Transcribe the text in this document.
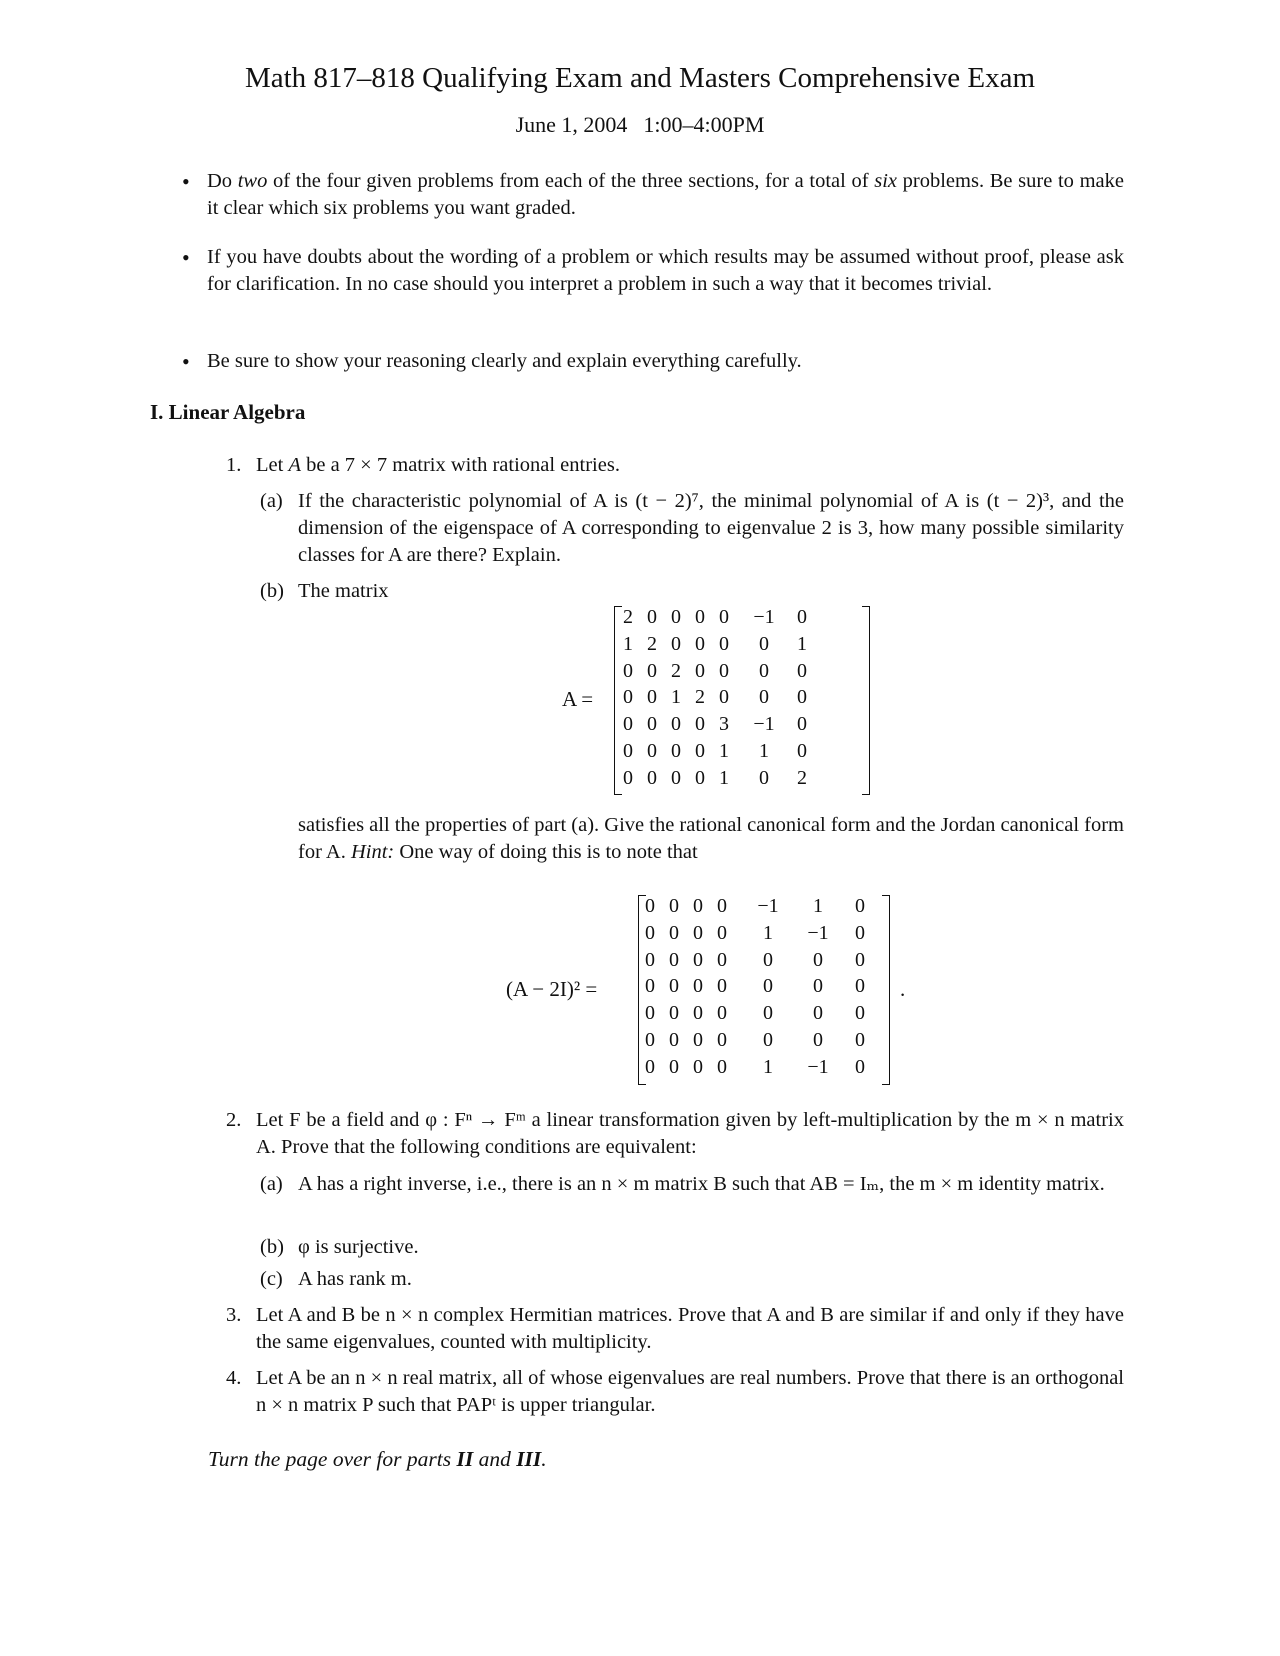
Math 817–818 Qualifying Exam and Masters Comprehensive Exam
June 1, 2004 1:00–4:00PM
• Do two of the four given problems from each of the three sections, for a total of six problems. Be sure to make it clear which six problems you want graded.
• If you have doubts about the wording of a problem or which results may be assumed without proof, please ask for clarification. In no case should you interpret a problem in such a way that it becomes trivial.
• Be sure to show your reasoning clearly and explain everything carefully.
I. Linear Algebra
1. Let A be a 7 × 7 matrix with rational entries.
(a) If the characteristic polynomial of A is (t − 2)⁷, the minimal polynomial of A is (t − 2)³, and the dimension of the eigenspace of A corresponding to eigenvalue 2 is 3, how many possible similarity classes for A are there? Explain.
(b) The matrix
A =
2 0 0 0 0	−1	0
1 2 0 0 0	0	1
0 0 2 0 0	0	0
0 0 1 2 0	0	0
0 0 0 0 3	−1	0
0 0 0 0 1	1	0
0 0 0 0 1	0	2
satisfies all the properties of part (a). Give the rational canonical form and the Jordan canonical form for A. Hint: One way of doing this is to note that
(A − 2I)² =
0 0 0 0	−1	1	0
0 0 0 0	1	−1	0
0 0 0 0	0	0	0
0 0 0 0	0	0	0
0 0 0 0	0	0	0
0 0 0 0	0	0	0
0 0 0 0	1	−1	0
.
2. Let F be a field and φ : Fⁿ → Fᵐ a linear transformation given by left-multiplication by the m × n matrix A. Prove that the following conditions are equivalent:
(a) A has a right inverse, i.e., there is an n × m matrix B such that AB = Iₘ, the m × m identity matrix.
(b) φ is surjective.
(c) A has rank m.
3. Let A and B be n × n complex Hermitian matrices. Prove that A and B are similar if and only if they have the same eigenvalues, counted with multiplicity.
4. Let A be an n × n real matrix, all of whose eigenvalues are real numbers. Prove that there is an orthogonal n × n matrix P such that PAPᵗ is upper triangular.
Turn the page over for parts II and III.
